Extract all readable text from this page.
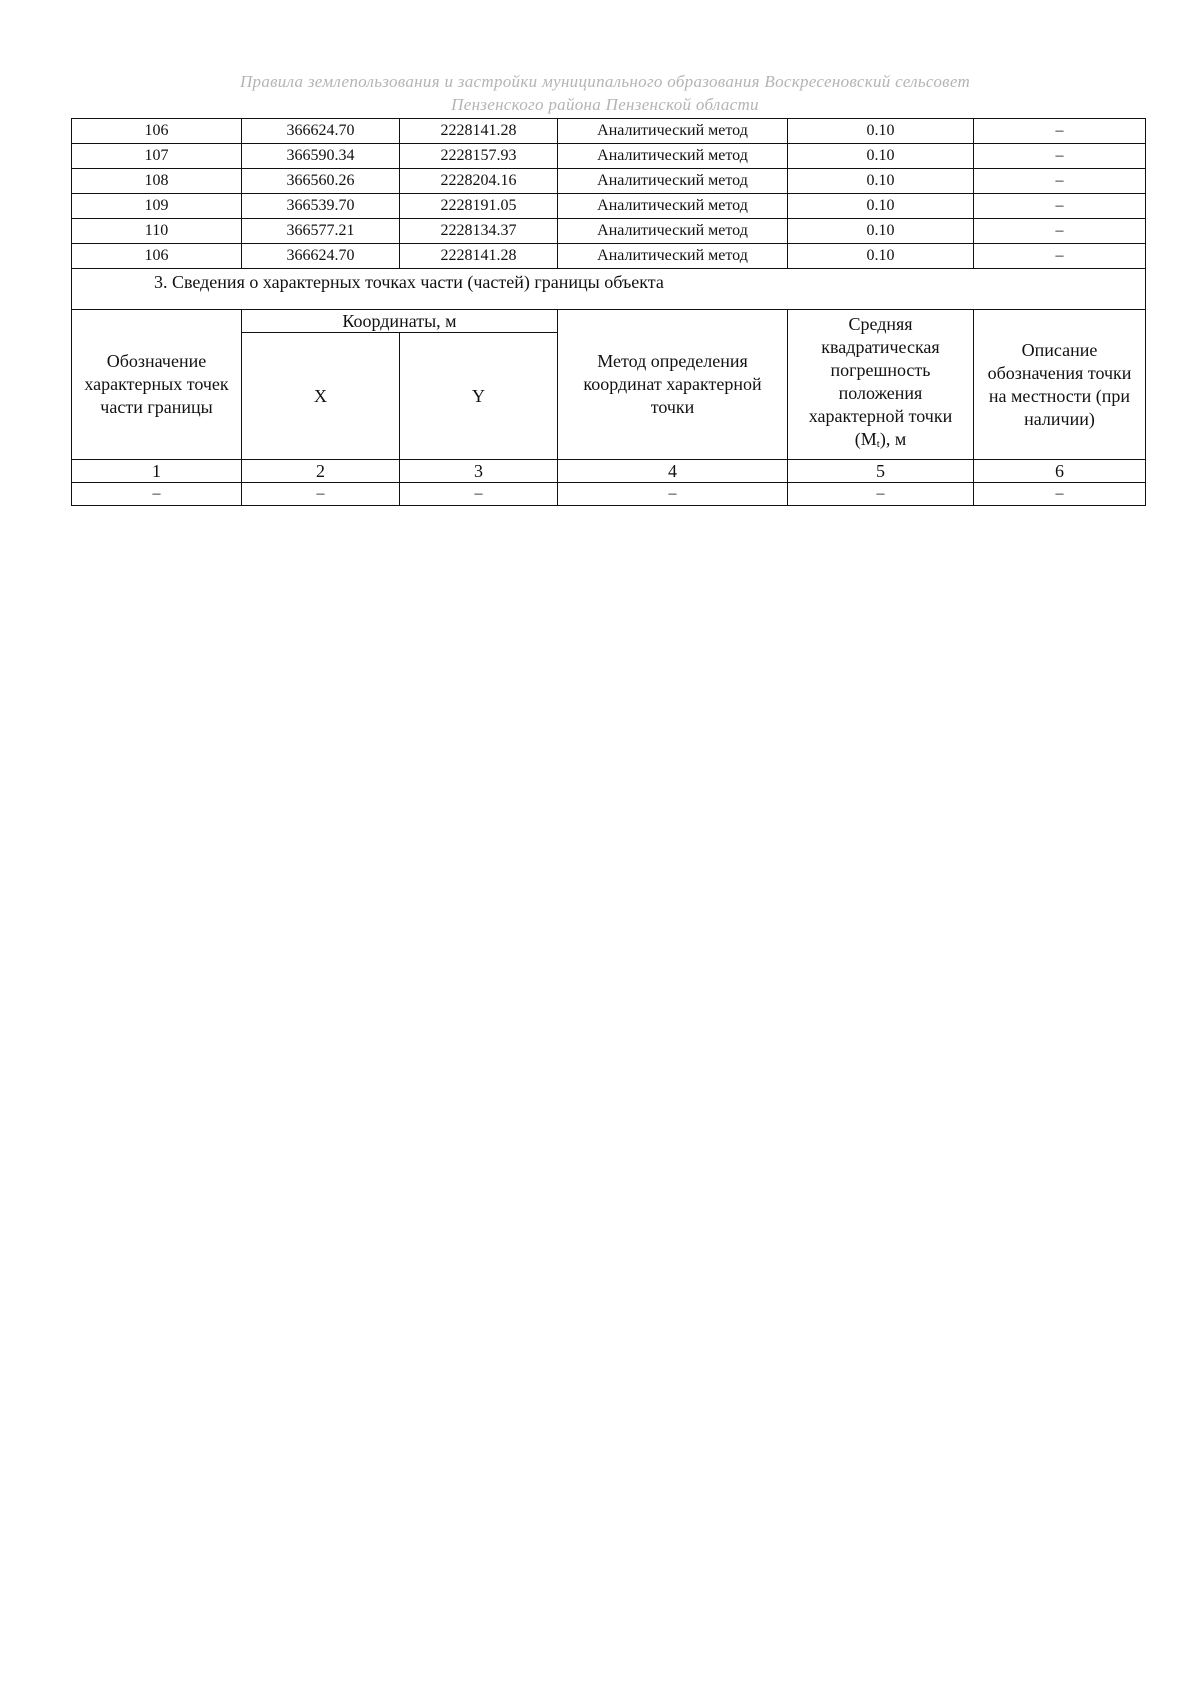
Правила землепользования и застройки муниципального образования Воскресеновский сельсовет
Пензенского района Пензенской области
106	366624.70	2228141.28	Аналитический метод	0.10	–
107	366590.34	2228157.93	Аналитический метод	0.10	–
108	366560.26	2228204.16	Аналитический метод	0.10	–
109	366539.70	2228191.05	Аналитический метод	0.10	–
110	366577.21	2228134.37	Аналитический метод	0.10	–
106	366624.70	2228141.28	Аналитический метод	0.10	–
3. Сведения о характерных точках части (частей) границы объекта					
Обозначение характерных точек части границы	Координаты, м		Метод определения координат характерной точки	Средняя квадратическая погрешность положения характерной точки (Mt), м	Описание обозначения точки на местности (при наличии)
	X	Y			
1	2	3	4	5	6
–	–	–	–	–	–
